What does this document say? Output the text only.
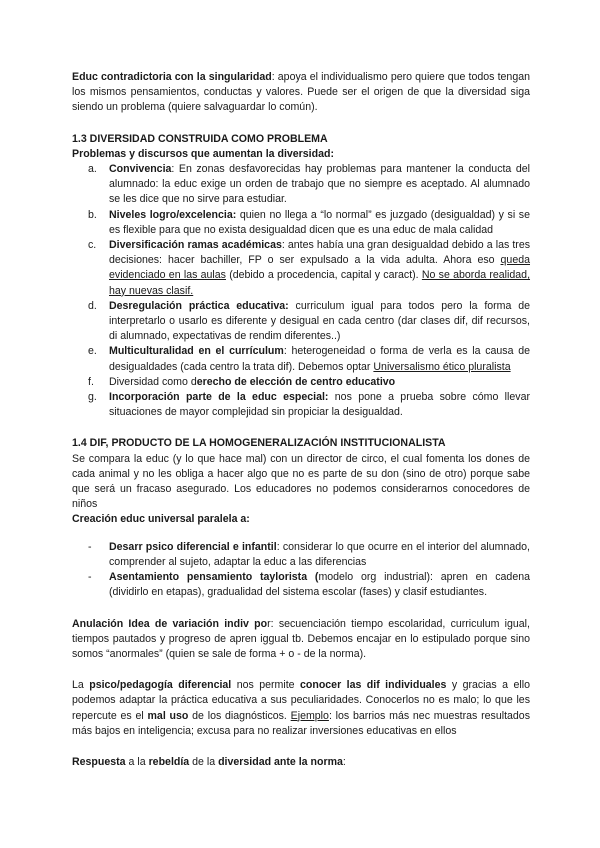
Educ contradictoria con la singularidad: apoya el individualismo pero quiere que todos tengan los mismos pensamientos, conductas y valores. Puede ser el origen de que la diversidad siga siendo un problema (quiere salvaguardar lo común).

1.3 DIVERSIDAD CONSTRUIDA COMO PROBLEMA
Problemas y discursos que aumentan la diversidad:
a. Convivencia: En zonas desfavorecidas hay problemas para mantener la conducta del alumnado: la educ exige un orden de trabajo que no siempre es aceptado. Al alumnado se les dice que no sirve para estudiar.
b. Niveles logro/excelencia: quien no llega a “lo normal” es juzgado (desigualdad) y si se es flexible para que no exista desigualdad dicen que es una educ de mala calidad
c. Diversificación ramas académicas: antes había una gran desigualdad debido a las tres decisiones: hacer bachiller, FP o ser expulsado a la vida adulta. Ahora eso queda evidenciado en las aulas (debido a procedencia, capital y caract). No se aborda realidad, hay nuevas clasif.
d. Desregulación práctica educativa: curriculum igual para todos pero la forma de interpretarlo o usarlo es diferente y desigual en cada centro (dar clases dif, dif recursos, di alumnado, expectativas de rendim diferentes..)
e. Multiculturalidad en el currículum: heterogeneidad o forma de verla es la causa de desigualdades (cada centro la trata dif). Debemos optar Universalismo ético pluralista
f. Diversidad como derecho de elección de centro educativo
g. Incorporación parte de la educ especial: nos pone a prueba sobre cómo llevar situaciones de mayor complejidad sin propiciar la desigualdad.
1.4 DIF, PRODUCTO DE LA HOMOGENERALIZACIÓN INSTITUCIONALISTA

Se compara la educ (y lo que hace mal) con un director de circo, el cual fomenta los dones de cada animal y no les obliga a hacer algo que no es parte de su don (sino de otro) porque sabe que será un fracaso asegurado. Los educadores no podemos considerarnos conocedores de niños

Creación educ universal paralela a:
- Desarr psico diferencial e infantil: considerar lo que ocurre en el interior del alumnado, comprender al sujeto, adaptar la educ a las diferencias
- Asentamiento pensamiento taylorista (modelo org industrial): apren en cadena (dividirlo en etapas), gradualidad del sistema escolar (fases) y clasif estudiantes.

Anulación Idea de variación indiv por: secuenciación tiempo escolaridad, curriculum igual, tiempos pautados y progreso de apren iggual tb. Debemos encajar en lo estipulado porque sino somos “anormales” (quien se sale de forma + o - de la norma).

La psico/pedagogía diferencial nos permite conocer las dif individuales y gracias a ello podemos adaptar la práctica educativa a sus peculiaridades. Conocerlos no es malo; lo que les repercute es el mal uso de los diagnósticos. Ejemplo: los barrios más nec muestras resultados más bajos en inteligencia; excusa para no realizar inversiones educativas en ellos

Respuesta a la rebeldía de la diversidad ante la norma:
